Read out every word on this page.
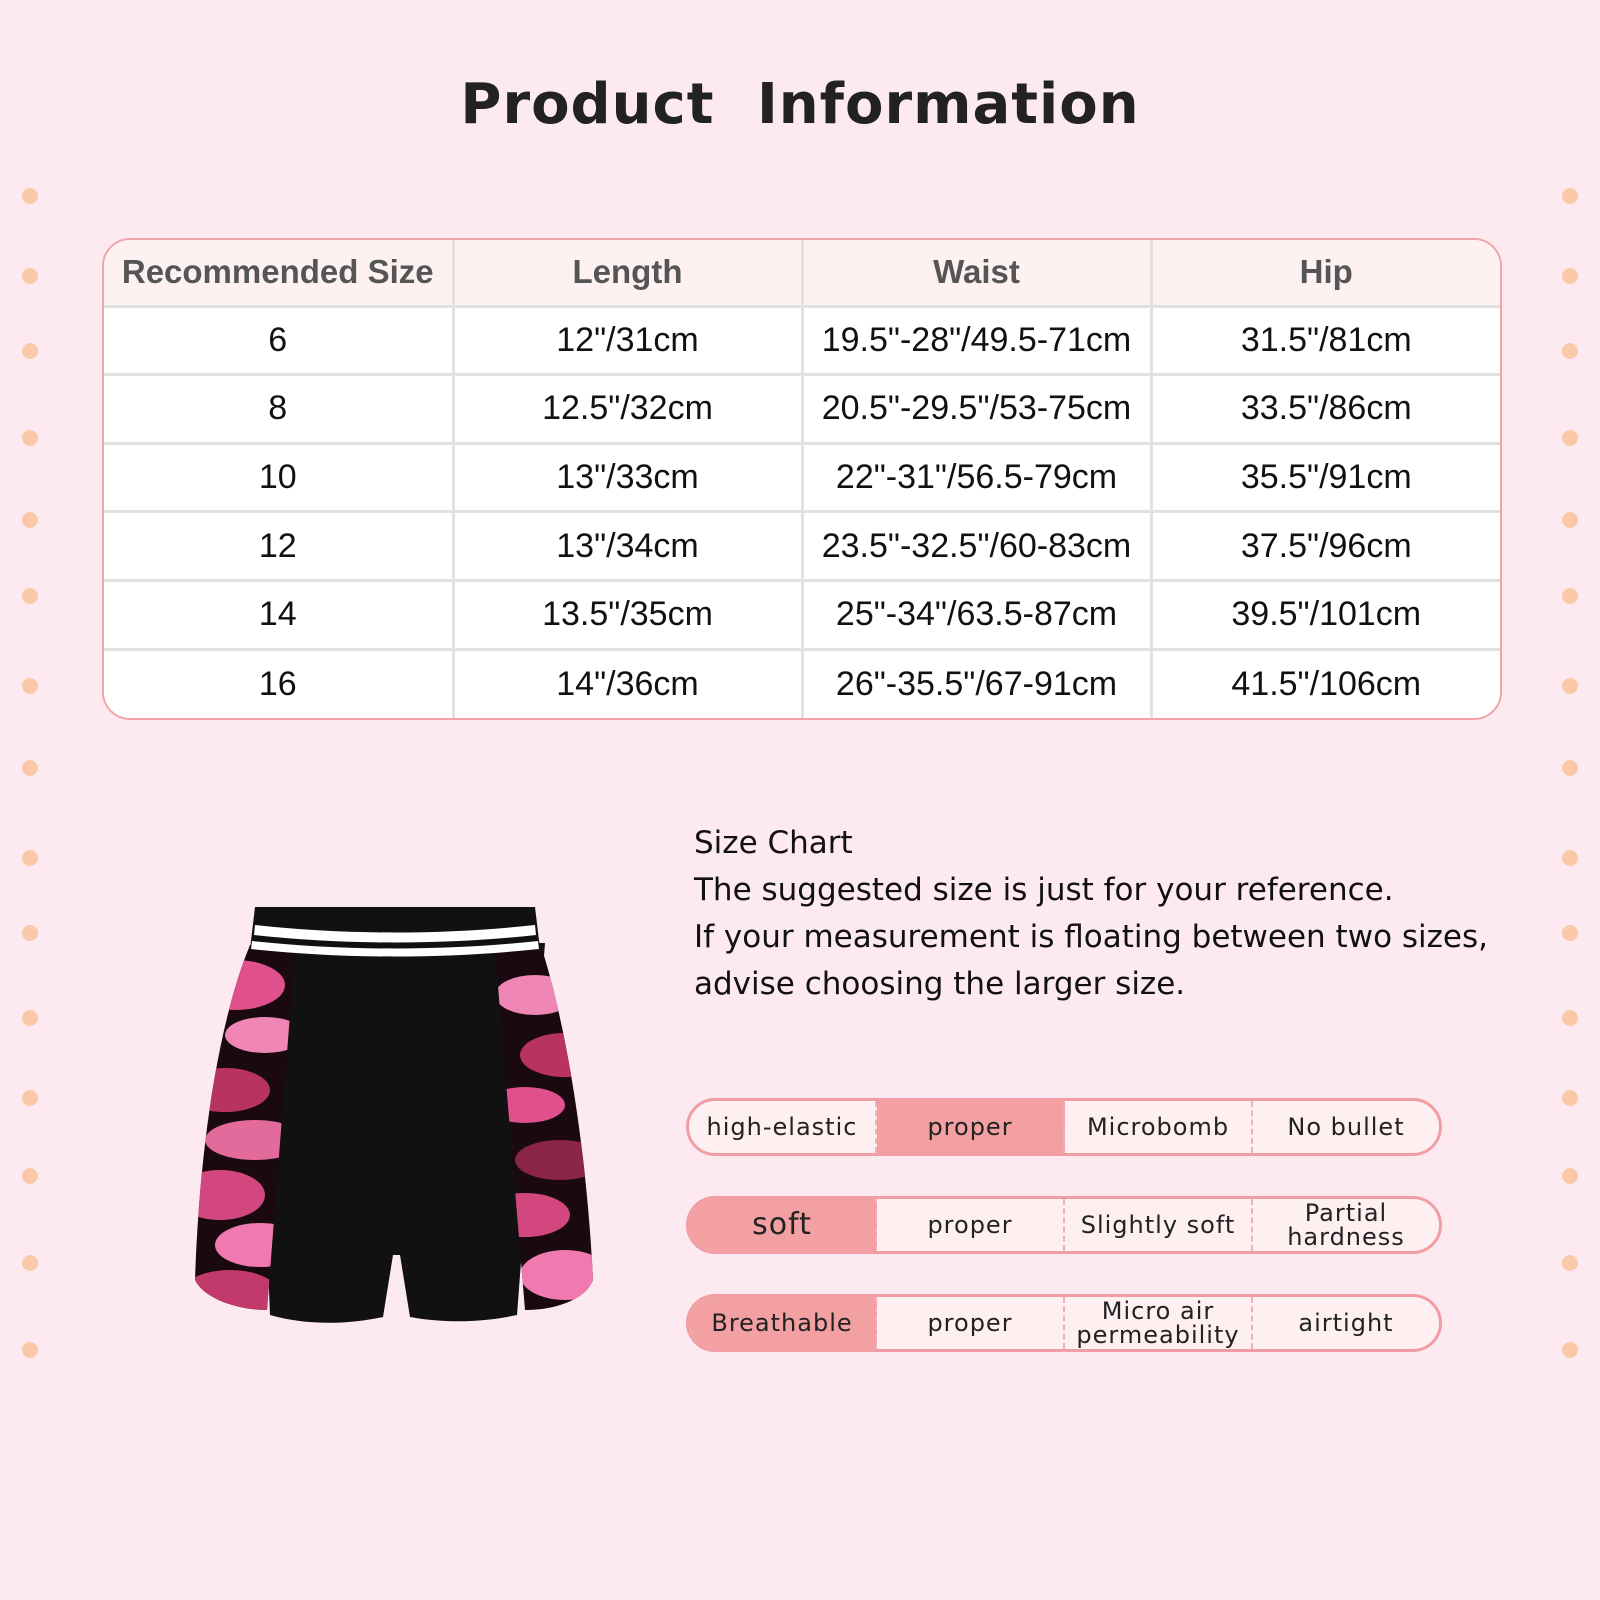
Product Information
Recommended Size	Length	Waist	Hip
6	12"/31cm	19.5"-28"/49.5-71cm	31.5"/81cm
8	12.5"/32cm	20.5"-29.5"/53-75cm	33.5"/86cm
10	13"/33cm	22"-31"/56.5-79cm	35.5"/91cm
12	13"/34cm	23.5"-32.5"/60-83cm	37.5"/96cm
14	13.5"/35cm	25"-34"/63.5-87cm	39.5"/101cm
16	14"/36cm	26"-35.5"/67-91cm	41.5"/106cm
Size Chart
The suggested size is just for your reference.
If your measurement is floating between two sizes,
advise choosing the larger size.
high-elastic	proper	Microbomb	No bullet
soft	proper	Slightly soft	Partial hardness
Breathable	proper	Micro air permeability	airtight
